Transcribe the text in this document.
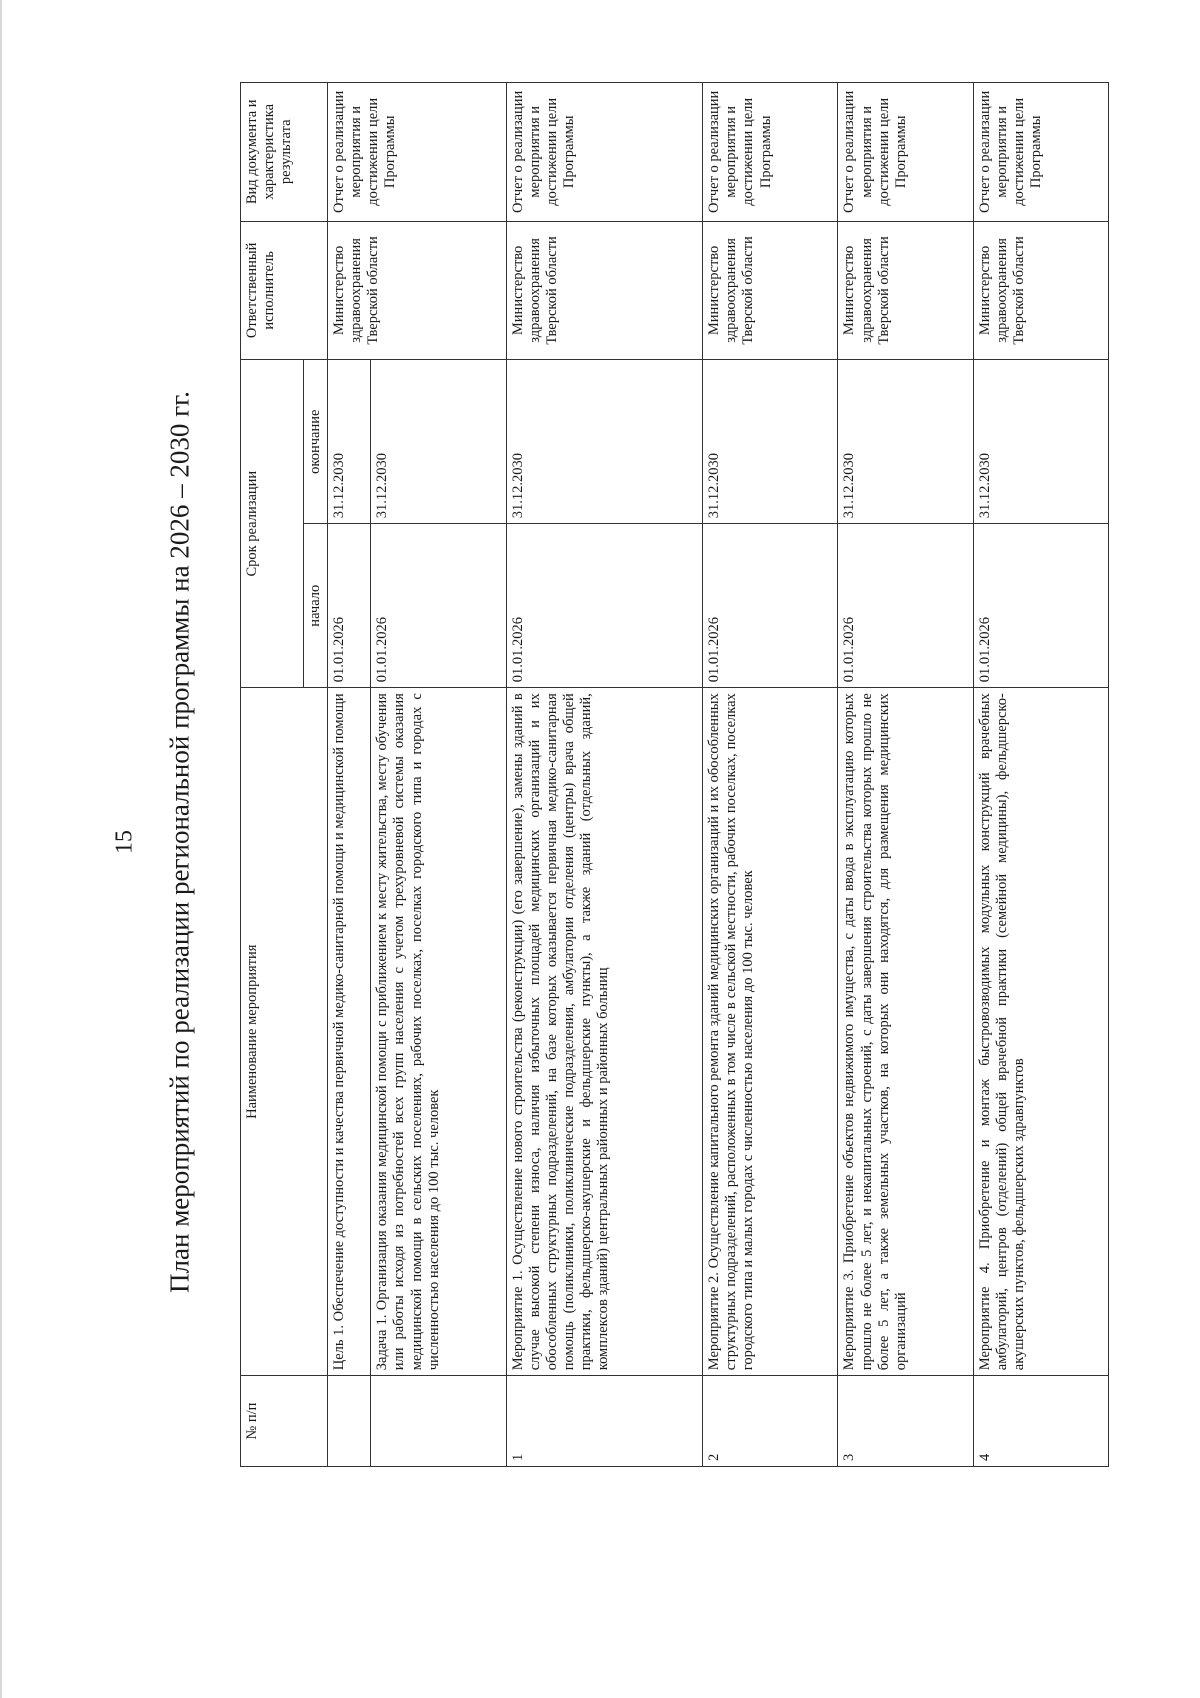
15 План мероприятий по реализации региональной программы на 2026 – 2030 гг.
№ п/п	Наименование мероприятия	Срок реализации		Ответственный исполнитель	Вид документа и характеристика результата
		начало	окончание		
	Цель 1. Обеспечение доступности и качества первичной медико-санитарной помощи и медицинской помощи	01.01.2026	31.12.2030	Министерство здравоохранения Тверской области	Отчет о реализации мероприятия и достижении цели Программы
	Задача 1. Организация оказания медицинской помощи с приближением к месту жительства, месту обучения или работы исходя из потребностей всех групп населения с учетом трехуровневой системы оказания медицинской помощи в сельских поселениях, рабочих поселках, поселках городского типа и городах с численностью населения до 100 тыс. человек	01.01.2026	31.12.2030		
1	Мероприятие 1. Осуществление нового строительства (реконструкции) (его завершение), замены зданий в случае высокой степени износа, наличия избыточных площадей медицинских организаций и их обособленных структурных подразделений, на базе которых оказывается первичная медико-санитарная помощь (поликлиники, поликлинические подразделения, амбулатории отделения (центры) врача общей практики, фельдшерско-акушерские и фельдшерские пункты), а также зданий (отдельных зданий, комплексов зданий) центральных районных и районных больниц	01.01.2026	31.12.2030	Министерство здравоохранения Тверской области	Отчет о реализации мероприятия и достижении цели Программы
2	Мероприятие 2. Осуществление капитального ремонта зданий медицинских организаций и их обособленных структурных подразделений, расположенных в том числе в сельской местности, рабочих поселках, поселках городского типа и малых городах с численностью населения до 100 тыс. человек	01.01.2026	31.12.2030	Министерство здравоохранения Тверской области	Отчет о реализации мероприятия и достижении цели Программы
3	Мероприятие 3. Приобретение объектов недвижимого имущества, с даты ввода в эксплуатацию которых прошло не более 5 лет, и некапитальных строений, с даты завершения строительства которых прошло не более 5 лет, а также земельных участков, на которых они находятся, для размещения медицинских организаций	01.01.2026	31.12.2030	Министерство здравоохранения Тверской области	Отчет о реализации мероприятия и достижении цели Программы
4	Мероприятие 4. Приобретение и монтаж быстровозводимых модульных конструкций врачебных амбулаторий, центров (отделений) общей врачебной практики (семейной медицины), фельдшерско-акушерских пунктов, фельдшерских здравпунктов	01.01.2026	31.12.2030	Министерство здравоохранения Тверской области	Отчет о реализации мероприятия и достижении цели Программы
